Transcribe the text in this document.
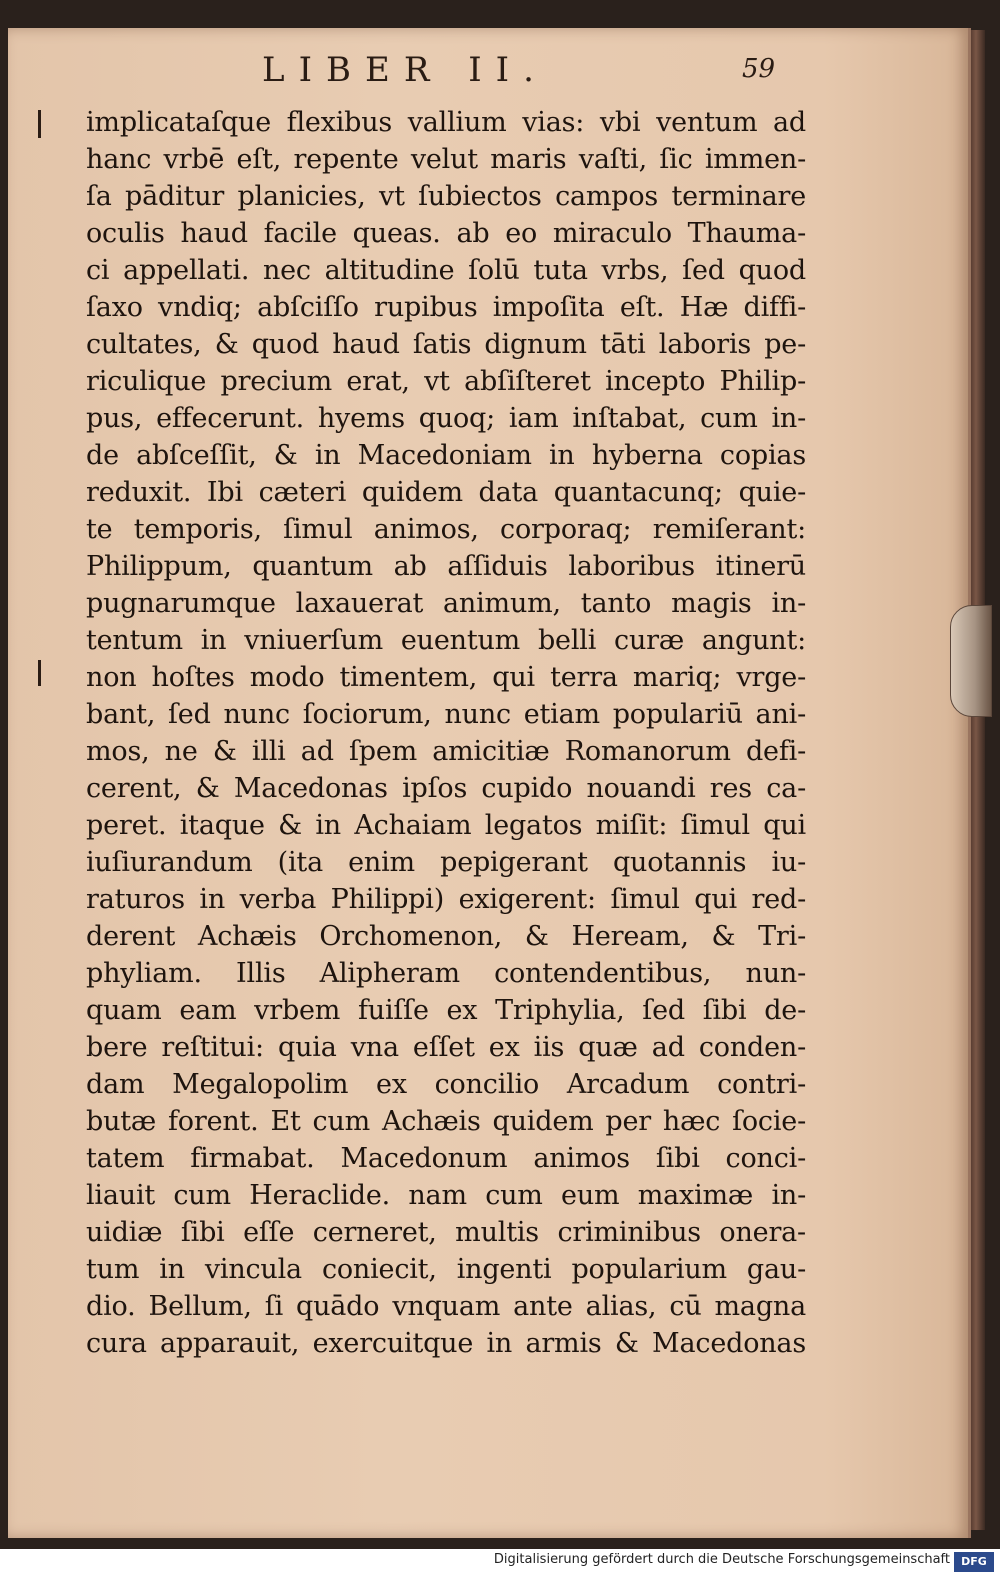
LIBER II.	59
implicataſque flexibus vallium vias: vbi ventum ad
hanc vrbē eſt, repente velut maris vaſti, ſic immen-
ſa pāditur planicies, vt ſubiectos campos terminare
oculis haud facile queas. ab eo miraculo Thauma-
ci appellati. nec altitudine ſolū tuta vrbs, ſed quod
ſaxo vndiq; abſciſſo rupibus impoſita eſt. Hæ diffi-
cultates, & quod haud ſatis dignum tāti laboris pe-
riculique precium erat, vt abſiſteret incepto Philip-
pus, effecerunt. hyems quoq; iam inſtabat, cum in-
de abſceſſit, & in Macedoniam in hyberna copias
reduxit. Ibi cæteri quidem data quantacunq; quie-
te temporis, ſimul animos, corporaq; remiſerant:
Philippum, quantum ab aſſiduis laboribus itinerū
pugnarumque laxauerat animum, tanto magis in-
tentum in vniuerſum euentum belli curæ angunt:
non hoſtes modo timentem, qui terra mariq; vrge-
bant, ſed nunc ſociorum, nunc etiam populariū ani-
mos, ne & illi ad ſpem amicitiæ Romanorum defi-
cerent, & Macedonas ipſos cupido nouandi res ca-
peret. itaque & in Achaiam legatos miſit: ſimul qui
iuſiurandum (ita enim pepigerant quotannis iu-
raturos in verba Philippi) exigerent: ſimul qui red-
derent Achæis Orchomenon, & Heream, & Tri-
phyliam. Illis Alipheram contendentibus, nun-
quam eam vrbem fuiſſe ex Triphylia, ſed ſibi de-
bere reſtitui: quia vna eſſet ex iis quæ ad conden-
dam Megalopolim ex concilio Arcadum contri-
butæ forent. Et cum Achæis quidem per hæc ſocie-
tatem firmabat. Macedonum animos ſibi conci-
liauit cum Heraclide. nam cum eum maximæ in-
uidiæ ſibi eſſe cerneret, multis criminibus onera-
tum in vincula coniecit, ingenti popularium gau-
dio. Bellum, ſi quādo vnquam ante alias, cū magna
cura apparauit, exercuitque in armis & Macedonas
Digitalisierung gefördert durch die Deutsche Forschungsgemeinschaft	DFG
